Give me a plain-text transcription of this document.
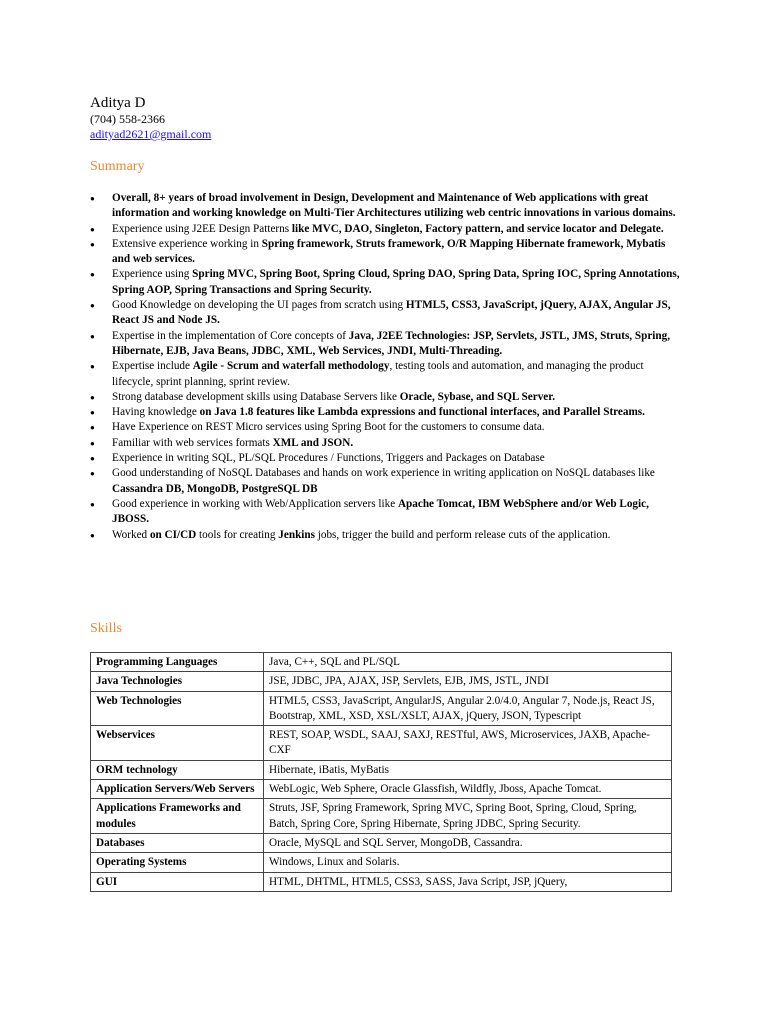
Aditya D
(704) 558-2366
adityad2621@gmail.com
Summary
● Overall, 8+ years of broad involvement in Design, Development and Maintenance of Web applications with great information and working knowledge on Multi-Tier Architectures utilizing web centric innovations in various domains.
● Experience using J2EE Design Patterns like MVC, DAO, Singleton, Factory pattern, and service locator and Delegate.
● Extensive experience working in Spring framework, Struts framework, O/R Mapping Hibernate framework, Mybatis and web services.
● Experience using Spring MVC, Spring Boot, Spring Cloud, Spring DAO, Spring Data, Spring IOC, Spring Annotations, Spring AOP, Spring Transactions and Spring Security.
● Good Knowledge on developing the UI pages from scratch using HTML5, CSS3, JavaScript, jQuery, AJAX, Angular JS, React JS and Node JS.
● Expertise in the implementation of Core concepts of Java, J2EE Technologies: JSP, Servlets, JSTL, JMS, Struts, Spring, Hibernate, EJB, Java Beans, JDBC, XML, Web Services, JNDI, Multi-Threading.
● Expertise include Agile - Scrum and waterfall methodology, testing tools and automation, and managing the product lifecycle, sprint planning, sprint review.
● Strong database development skills using Database Servers like Oracle, Sybase, and SQL Server.
● Having knowledge on Java 1.8 features like Lambda expressions and functional interfaces, and Parallel Streams.
● Have Experience on REST Micro services using Spring Boot for the customers to consume data.
● Familiar with web services formats XML and JSON.
● Experience in writing SQL, PL/SQL Procedures / Functions, Triggers and Packages on Database
● Good understanding of NoSQL Databases and hands on work experience in writing application on NoSQL databases like Cassandra DB, MongoDB, PostgreSQL DB
● Good experience in working with Web/Application servers like Apache Tomcat, IBM WebSphere and/or Web Logic, JBOSS.
● Worked on CI/CD tools for creating Jenkins jobs, trigger the build and perform release cuts of the application.
Skills
Programming Languages	Java, C++, SQL and PL/SQL
Java Technologies	JSE, JDBC, JPA, AJAX, JSP, Servlets, EJB, JMS, JSTL, JNDI
Web Technologies	HTML5, CSS3, JavaScript, AngularJS, Angular 2.0/4.0, Angular 7, Node.js, React JS, Bootstrap, XML, XSD, XSL/XSLT, AJAX, jQuery, JSON, Typescript
Webservices	REST, SOAP, WSDL, SAAJ, SAXJ, RESTful, AWS, Microservices, JAXB, Apache-CXF
ORM technology	Hibernate, iBatis, MyBatis
Application Servers/Web Servers	WebLogic, Web Sphere, Oracle Glassfish, Wildfly, Jboss, Apache Tomcat.
Applications Frameworks and modules	Struts, JSF, Spring Framework, Spring MVC, Spring Boot, Spring, Cloud, Spring, Batch, Spring Core, Spring Hibernate, Spring JDBC, Spring Security.
Databases	Oracle, MySQL and SQL Server, MongoDB, Cassandra.
Operating Systems	Windows, Linux and Solaris.
GUI	HTML, DHTML, HTML5, CSS3, SASS, Java Script, JSP, jQuery,
